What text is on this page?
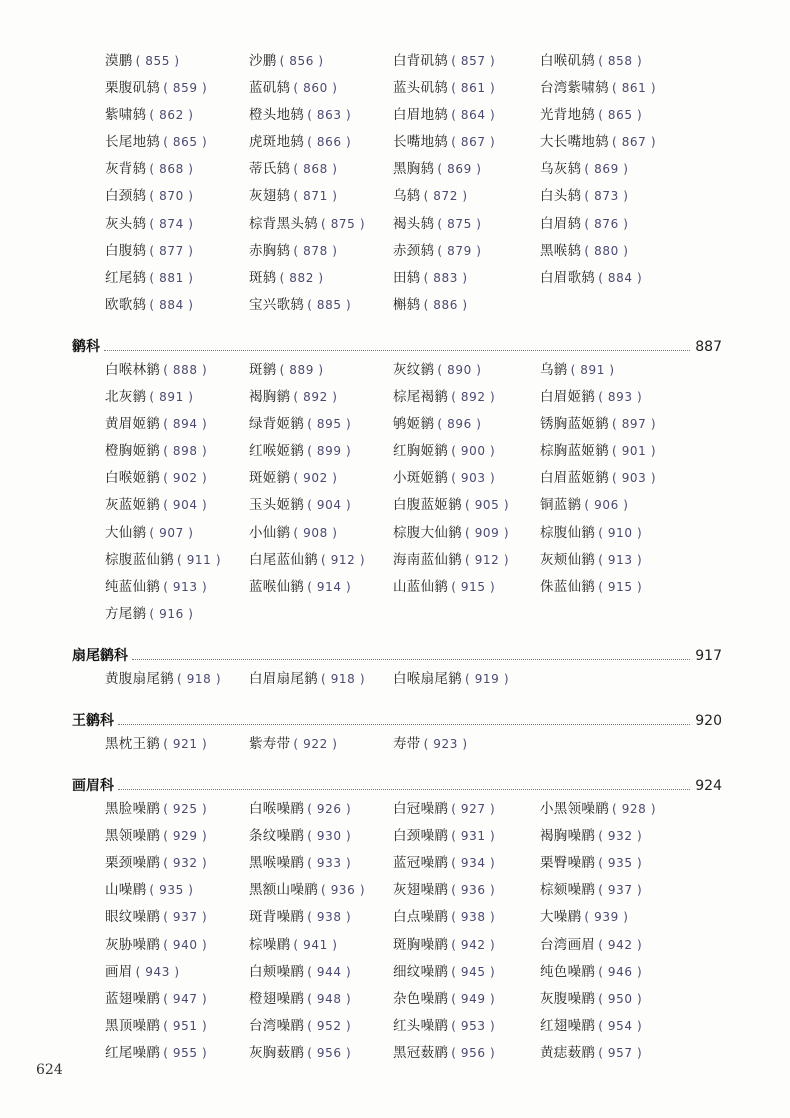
漠鹏 ( 855 )	沙鹏 ( 856 )	白背矶鸫 ( 857 )	白喉矶鸫 ( 858 )
栗腹矶鸫 ( 859 )	蓝矶鸫 ( 860 )	蓝头矶鸫 ( 861 )	台湾紫啸鸫 ( 861 )
紫啸鸫 ( 862 )	橙头地鸫 ( 863 )	白眉地鸫 ( 864 )	光背地鸫 ( 865 )
长尾地鸫 ( 865 )	虎斑地鸫 ( 866 )	长嘴地鸫 ( 867 )	大长嘴地鸫 ( 867 )
灰背鸫 ( 868 )	蒂氏鸫 ( 868 )	黑胸鸫 ( 869 )	乌灰鸫 ( 869 )
白颈鸫 ( 870 )	灰翅鸫 ( 871 )	乌鸫 ( 872 )	白头鸫 ( 873 )
灰头鸫 ( 874 )	棕背黑头鸫 ( 875 )	褐头鸫 ( 875 )	白眉鸫 ( 876 )
白腹鸫 ( 877 )	赤胸鸫 ( 878 )	赤颈鸫 ( 879 )	黑喉鸫 ( 880 )
红尾鸫 ( 881 )	斑鸫 ( 882 )	田鸫 ( 883 )	白眉歌鸫 ( 884 )
欧歌鸫 ( 884 )	宝兴歌鸫 ( 885 )	槲鸫 ( 886 )
鹟科	887
白喉林鹟 ( 888 )	斑鹟 ( 889 )	灰纹鹟 ( 890 )	乌鹟 ( 891 )
北灰鹟 ( 891 )	褐胸鹟 ( 892 )	棕尾褐鹟 ( 892 )	白眉姬鹟 ( 893 )
黄眉姬鹟 ( 894 )	绿背姬鹟 ( 895 )	鸲姬鹟 ( 896 )	锈胸蓝姬鹟 ( 897 )
橙胸姬鹟 ( 898 )	红喉姬鹟 ( 899 )	红胸姬鹟 ( 900 )	棕胸蓝姬鹟 ( 901 )
白喉姬鹟 ( 902 )	斑姬鹟 ( 902 )	小斑姬鹟 ( 903 )	白眉蓝姬鹟 ( 903 )
灰蓝姬鹟 ( 904 )	玉头姬鹟 ( 904 )	白腹蓝姬鹟 ( 905 )	铜蓝鹟 ( 906 )
大仙鹟 ( 907 )	小仙鹟 ( 908 )	棕腹大仙鹟 ( 909 )	棕腹仙鹟 ( 910 )
棕腹蓝仙鹟 ( 911 )	白尾蓝仙鹟 ( 912 )	海南蓝仙鹟 ( 912 )	灰颊仙鹟 ( 913 )
纯蓝仙鹟 ( 913 )	蓝喉仙鹟 ( 914 )	山蓝仙鹟 ( 915 )	侏蓝仙鹟 ( 915 )
方尾鹟 ( 916 )
扇尾鹟科	917
黄腹扇尾鹟 ( 918 )	白眉扇尾鹟 ( 918 )	白喉扇尾鹟 ( 919 )
王鹟科	920
黑枕王鹟 ( 921 )	紫寿带 ( 922 )	寿带 ( 923 )
画眉科	924
黑脸噪鹛 ( 925 )	白喉噪鹛 ( 926 )	白冠噪鹛 ( 927 )	小黑领噪鹛 ( 928 )
黑领噪鹛 ( 929 )	条纹噪鹛 ( 930 )	白颈噪鹛 ( 931 )	褐胸噪鹛 ( 932 )
栗颈噪鹛 ( 932 )	黑喉噪鹛 ( 933 )	蓝冠噪鹛 ( 934 )	栗臀噪鹛 ( 935 )
山噪鹛 ( 935 )	黑额山噪鹛 ( 936 )	灰翅噪鹛 ( 936 )	棕颏噪鹛 ( 937 )
眼纹噪鹛 ( 937 )	斑背噪鹛 ( 938 )	白点噪鹛 ( 938 )	大噪鹛 ( 939 )
灰胁噪鹛 ( 940 )	棕噪鹛 ( 941 )	斑胸噪鹛 ( 942 )	台湾画眉 ( 942 )
画眉 ( 943 )	白颊噪鹛 ( 944 )	细纹噪鹛 ( 945 )	纯色噪鹛 ( 946 )
蓝翅噪鹛 ( 947 )	橙翅噪鹛 ( 948 )	杂色噪鹛 ( 949 )	灰腹噪鹛 ( 950 )
黑顶噪鹛 ( 951 )	台湾噪鹛 ( 952 )	红头噪鹛 ( 953 )	红翅噪鹛 ( 954 )
红尾噪鹛 ( 955 )	灰胸薮鹛 ( 956 )	黑冠薮鹛 ( 956 )	黄痣薮鹛 ( 957 )
624
